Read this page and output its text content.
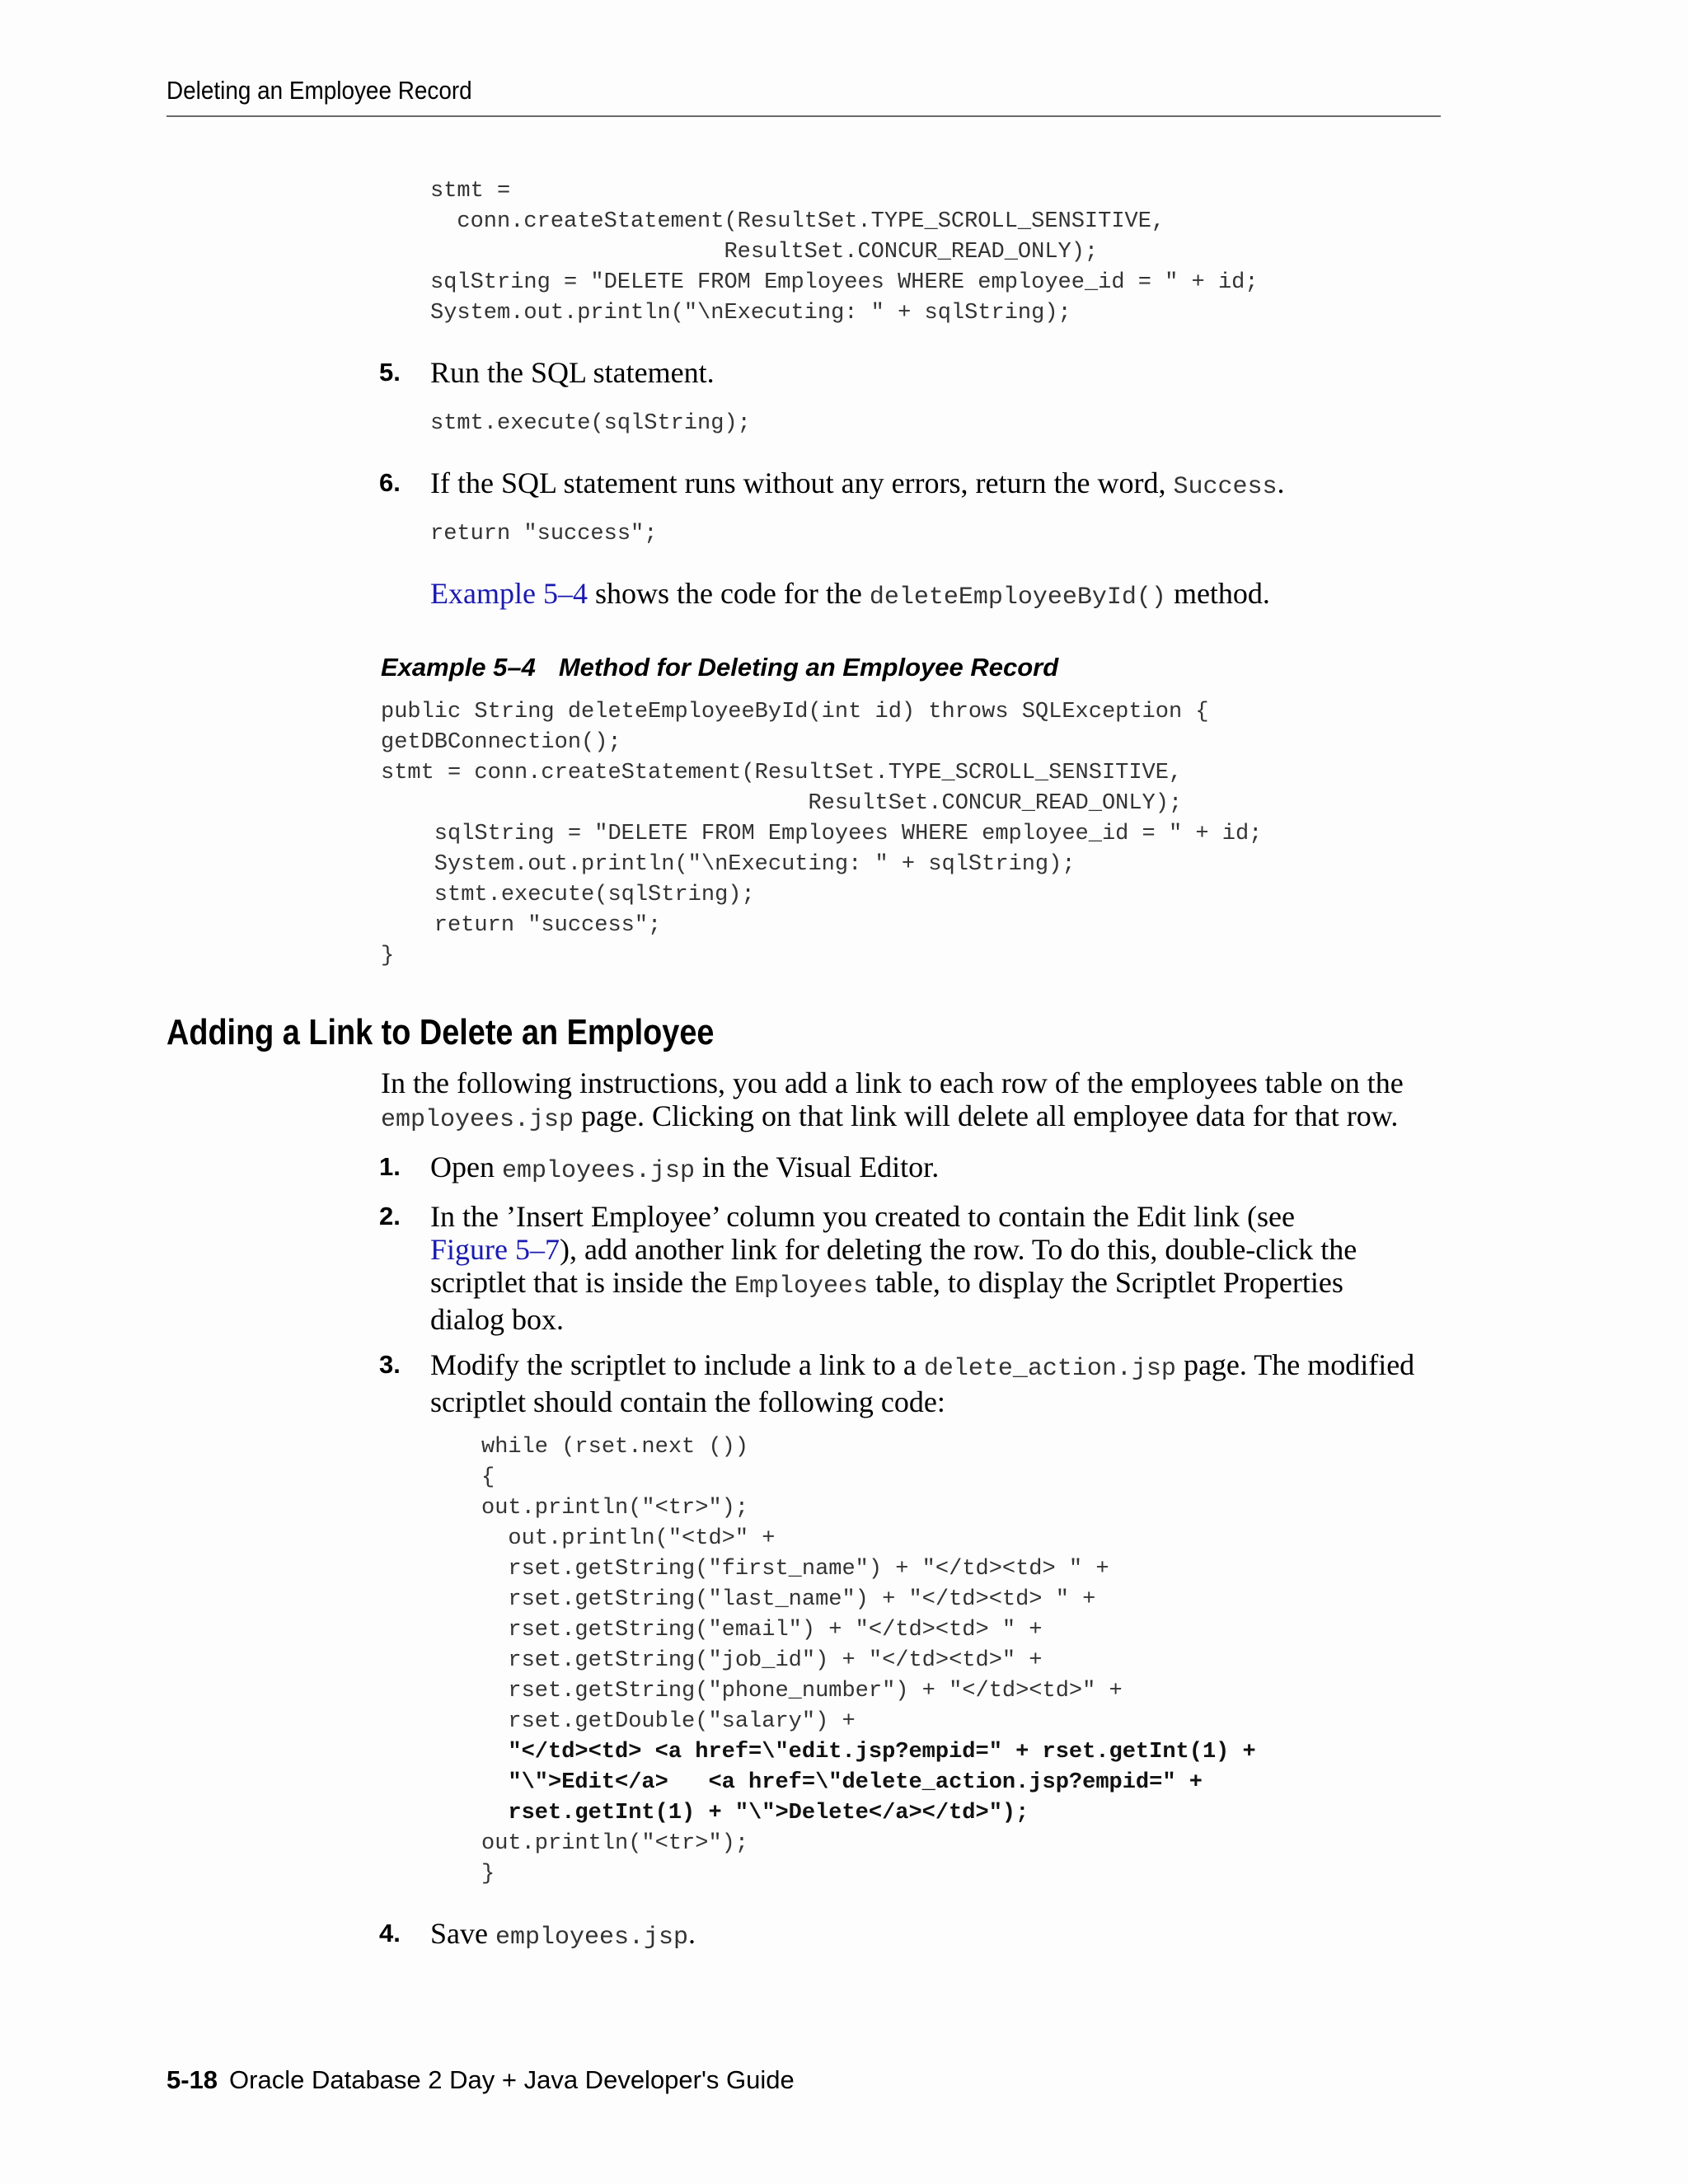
Deleting an Employee Record
stmt =
conn.createStatement(ResultSet.TYPE_SCROLL_SENSITIVE,
ResultSet.CONCUR_READ_ONLY);
sqlString = "DELETE FROM Employees WHERE employee_id = " + id;
System.out.println("\nExecuting: " + sqlString);
5. Run the SQL statement.
stmt.execute(sqlString);
6. If the SQL statement runs without any errors, return the word, Success.
return "success";
Example 5–4 shows the code for the deleteEmployeeById() method.
Example 5–4 Method for Deleting an Employee Record
public String deleteEmployeeById(int id) throws SQLException {
getDBConnection();
stmt = conn.createStatement(ResultSet.TYPE_SCROLL_SENSITIVE,
ResultSet.CONCUR_READ_ONLY);
sqlString = "DELETE FROM Employees WHERE employee_id = " + id;
System.out.println("\nExecuting: " + sqlString);
stmt.execute(sqlString);
return "success";
}
Adding a Link to Delete an Employee
In the following instructions, you add a link to each row of the employees table on the employees.jsp page. Clicking on that link will delete all employee data for that row.
1. Open employees.jsp in the Visual Editor.
2. In the ’Insert Employee’ column you created to contain the Edit link (see Figure 5–7), add another link for deleting the row. To do this, double-click the scriptlet that is inside the Employees table, to display the Scriptlet Properties dialog box.
3. Modify the scriptlet to include a link to a delete_action.jsp page. The modified scriptlet should contain the following code:
while (rset.next ())
{
out.println("<tr>");
out.println("<td>" +
rset.getString("first_name") + "</td><td> " +
rset.getString("last_name") + "</td><td> " +
rset.getString("email") + "</td><td> " +
rset.getString("job_id") + "</td><td>" +
rset.getString("phone_number") + "</td><td>" +
rset.getDouble("salary") +
"</td><td> <a href=\"edit.jsp?empid=" + rset.getInt(1) +
"\">Edit</a>   <a href=\"delete_action.jsp?empid=" +
rset.getInt(1) + "\">Delete</a></td>");
out.println("<tr>");
}
4. Save employees.jsp.
5-18 Oracle Database 2 Day + Java Developer's Guide
